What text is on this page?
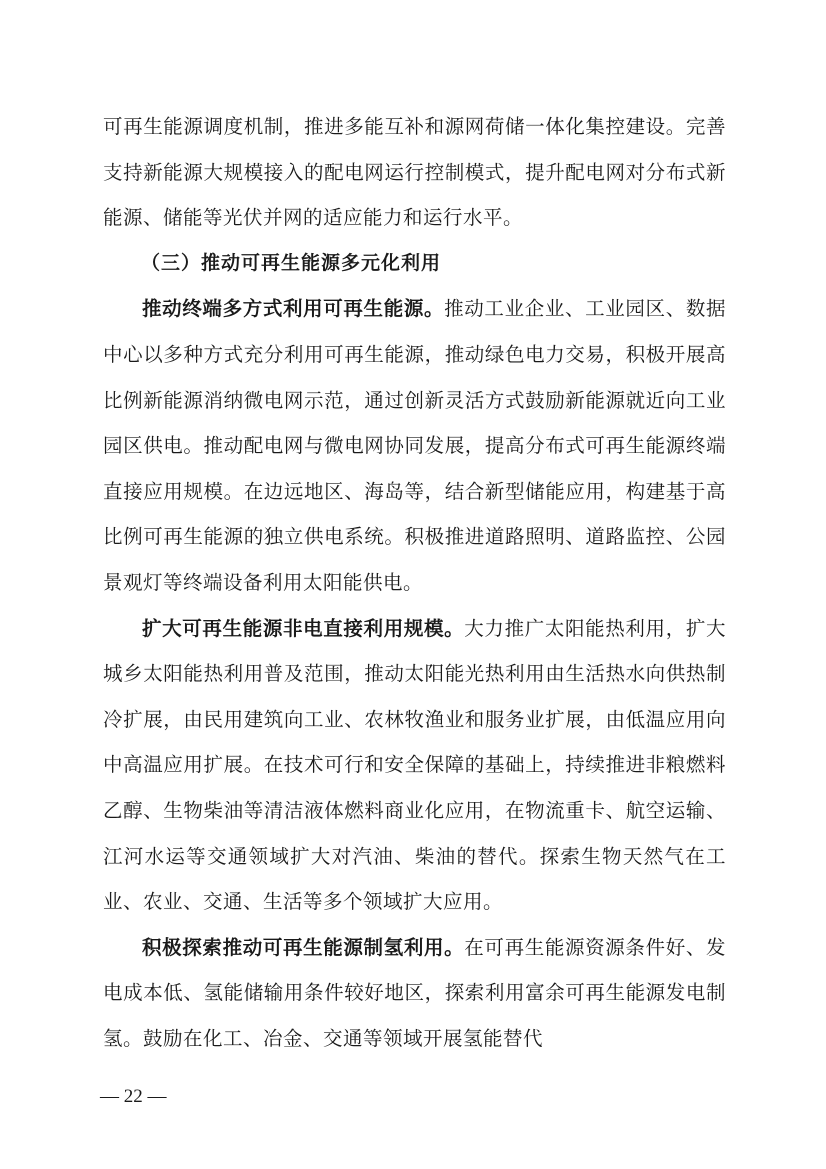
可再生能源调度机制，推进多能互补和源网荷储一体化集控建设。完善支持新能源大规模接入的配电网运行控制模式，提升配电网对分布式新能源、储能等光伏并网的适应能力和运行水平。

（三）推动可再生能源多元化利用

推动终端多方式利用可再生能源。推动工业企业、工业园区、数据中心以多种方式充分利用可再生能源，推动绿色电力交易，积极开展高比例新能源消纳微电网示范，通过创新灵活方式鼓励新能源就近向工业园区供电。推动配电网与微电网协同发展，提高分布式可再生能源终端直接应用规模。在边远地区、海岛等，结合新型储能应用，构建基于高比例可再生能源的独立供电系统。积极推进道路照明、道路监控、公园景观灯等终端设备利用太阳能供电。

扩大可再生能源非电直接利用规模。大力推广太阳能热利用，扩大城乡太阳能热利用普及范围，推动太阳能光热利用由生活热水向供热制冷扩展，由民用建筑向工业、农林牧渔业和服务业扩展，由低温应用向中高温应用扩展。在技术可行和安全保障的基础上，持续推进非粮燃料乙醇、生物柴油等清洁液体燃料商业化应用，在物流重卡、航空运输、江河水运等交通领域扩大对汽油、柴油的替代。探索生物天然气在工业、农业、交通、生活等多个领域扩大应用。

积极探索推动可再生能源制氢利用。在可再生能源资源条件好、发电成本低、氢能储输用条件较好地区，探索利用富余可再生能源发电制氢。鼓励在化工、冶金、交通等领域开展氢能替代

— 22 —
